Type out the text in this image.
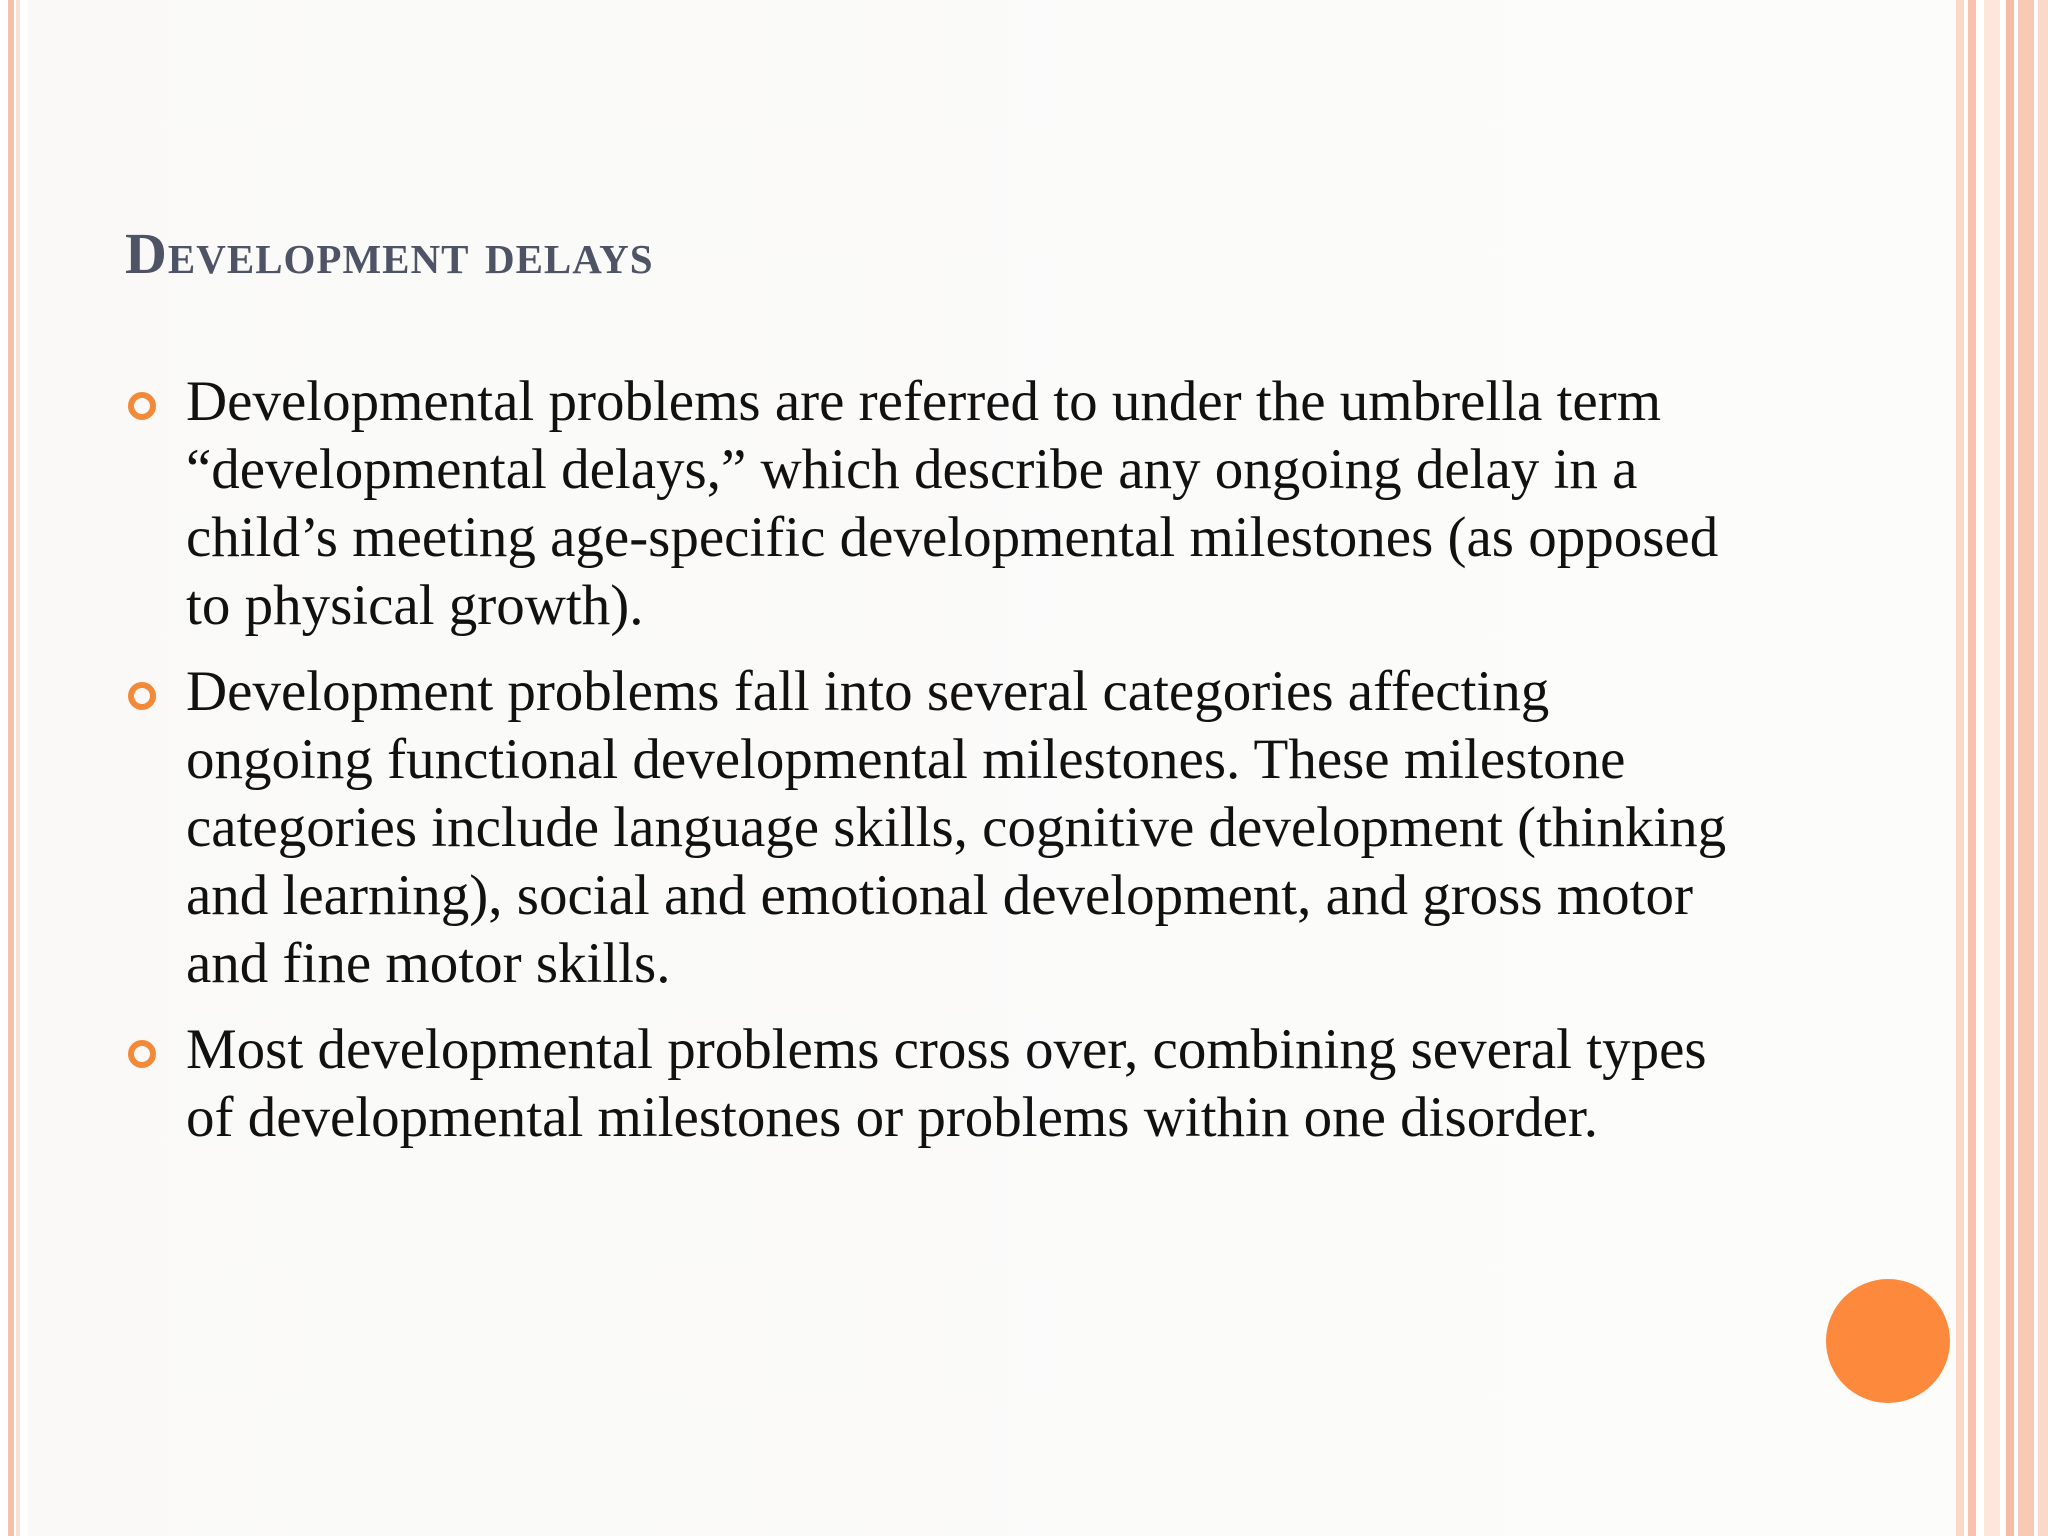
Development delays
Developmental problems are referred to under the umbrella term “developmental delays,” which describe any ongoing delay in a child’s meeting age-specific developmental milestones (as opposed to physical growth).
Development problems fall into several categories affecting ongoing functional developmental milestones. These milestone categories include language skills, cognitive development (thinking and learning), social and emotional development, and gross motor and fine motor skills.
Most developmental problems cross over, combining several types of developmental milestones or problems within one disorder.
